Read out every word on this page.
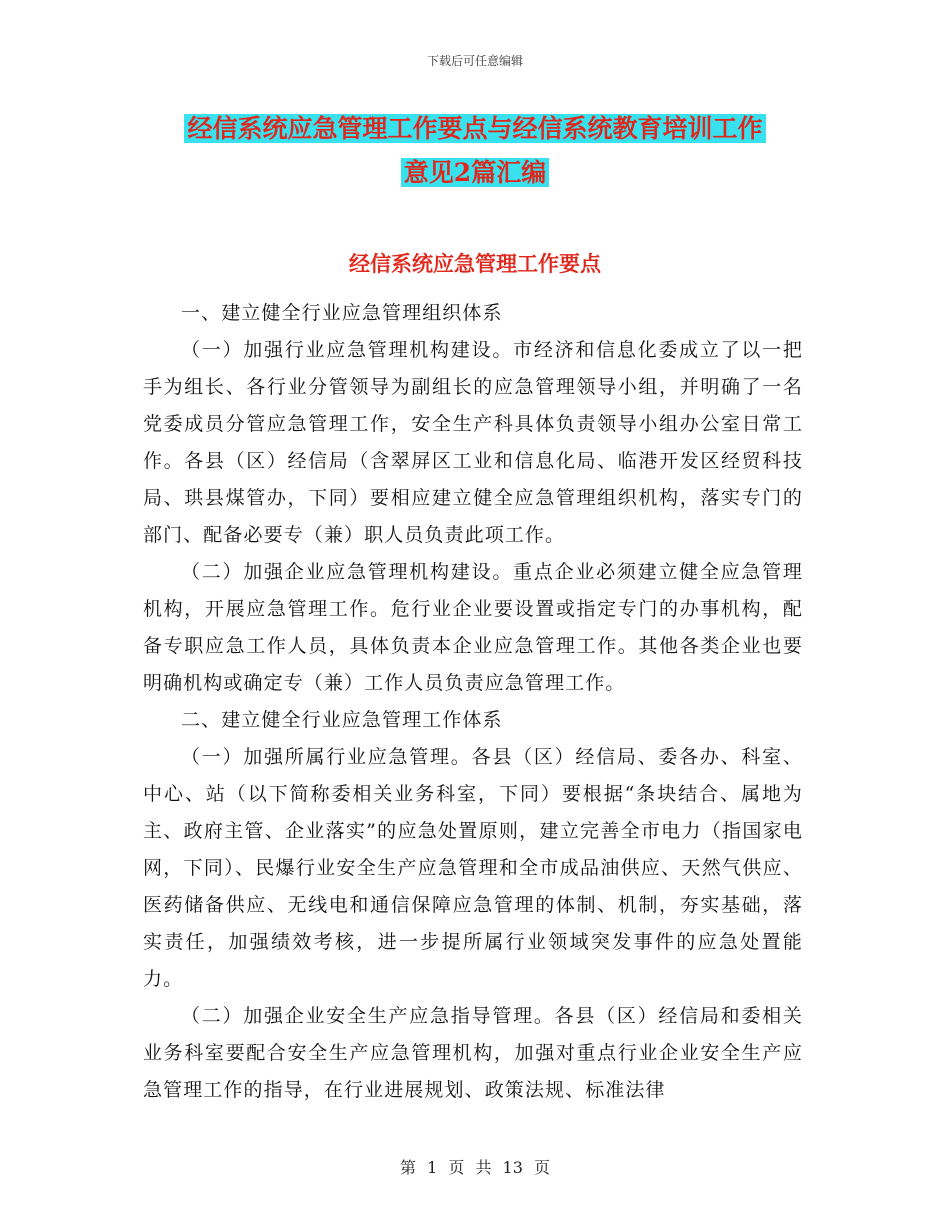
下载后可任意编辑
经信系统应急管理工作要点与经信系统教育培训工作
意见2篇汇编
经信系统应急管理工作要点

一、建立健全行业应急管理组织体系

（一）加强行业应急管理机构建设。市经济和信息化委成立了以一把手为组长、各行业分管领导为副组长的应急管理领导小组，并明确了一名党委成员分管应急管理工作，安全生产科具体负责领导小组办公室日常工作。各县（区）经信局（含翠屏区工业和信息化局、临港开发区经贸科技局、珙县煤管办，下同）要相应建立健全应急管理组织机构，落实专门的部门、配备必要专（兼）职人员负责此项工作。

（二）加强企业应急管理机构建设。重点企业必须建立健全应急管理机构，开展应急管理工作。危行业企业要设置或指定专门的办事机构，配备专职应急工作人员，具体负责本企业应急管理工作。其他各类企业也要明确机构或确定专（兼）工作人员负责应急管理工作。

二、建立健全行业应急管理工作体系

（一）加强所属行业应急管理。各县（区）经信局、委各办、科室、中心、站（以下简称委相关业务科室，下同）要根据“条块结合、属地为主、政府主管、企业落实”的应急处置原则，建立完善全市电力（指国家电网，下同）、民爆行业安全生产应急管理和全市成品油供应、天然气供应、医药储备供应、无线电和通信保障应急管理的体制、机制，夯实基础，落实责任，加强绩效考核，进一步提所属行业领域突发事件的应急处置能力。

（二）加强企业安全生产应急指导管理。各县（区）经信局和委相关业务科室要配合安全生产应急管理机构，加强对重点行业企业安全生产应急管理工作的指导，在行业进展规划、政策法规、标准法律

第 1 页 共 13 页
